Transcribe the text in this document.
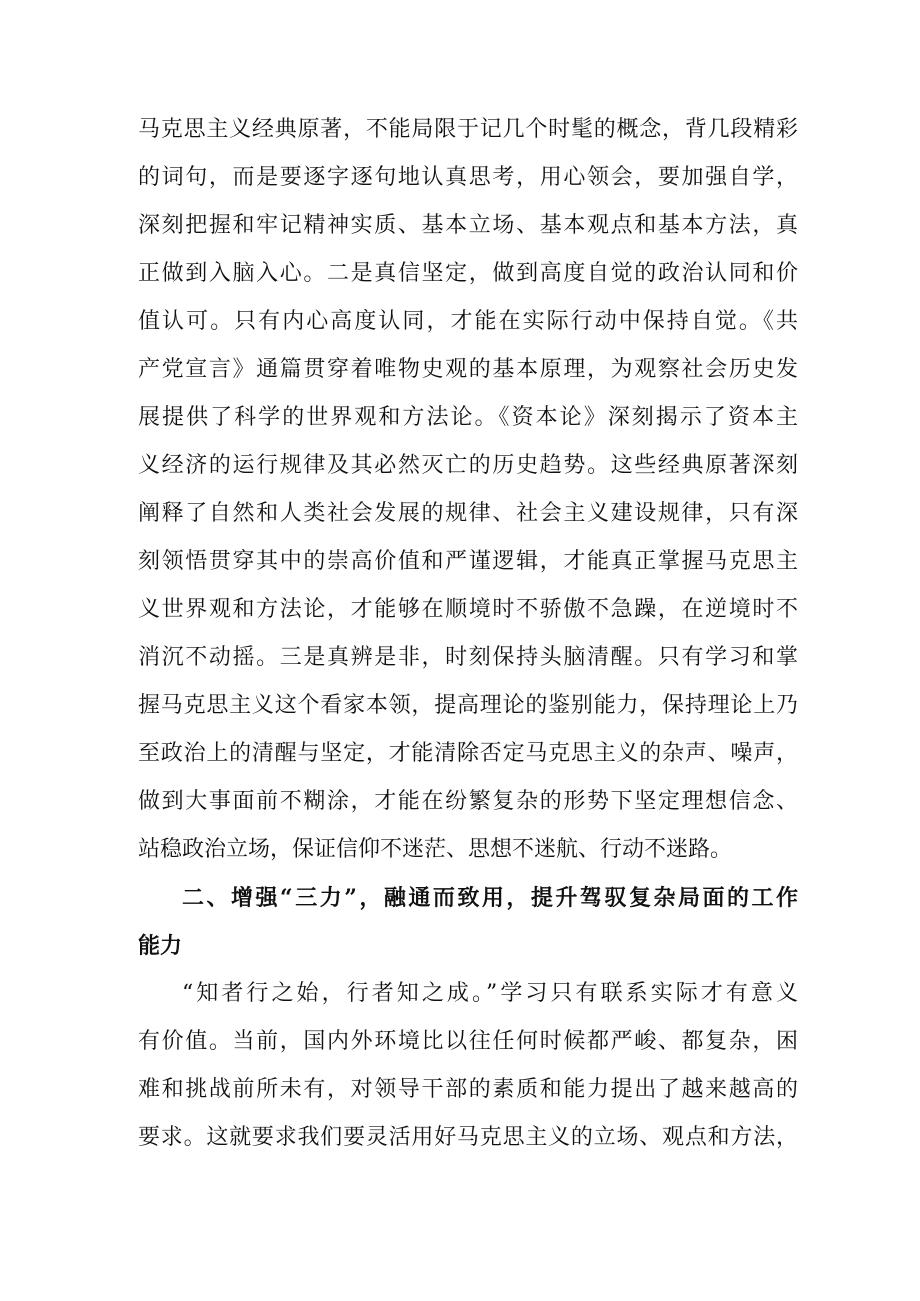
马克思主义经典原著，不能局限于记几个时髦的概念，背几段精彩
的词句，而是要逐字逐句地认真思考，用心领会，要加强自学，
深刻把握和牢记精神实质、基本立场、基本观点和基本方法，真
正做到入脑入心。二是真信坚定，做到高度自觉的政治认同和价
值认可。只有内心高度认同，才能在实际行动中保持自觉。《共
产党宣言》通篇贯穿着唯物史观的基本原理，为观察社会历史发
展提供了科学的世界观和方法论。《资本论》深刻揭示了资本主
义经济的运行规律及其必然灭亡的历史趋势。这些经典原著深刻
阐释了自然和人类社会发展的规律、社会主义建设规律，只有深
刻领悟贯穿其中的崇高价值和严谨逻辑，才能真正掌握马克思主
义世界观和方法论，才能够在顺境时不骄傲不急躁，在逆境时不
消沉不动摇。三是真辨是非，时刻保持头脑清醒。只有学习和掌
握马克思主义这个看家本领，提高理论的鉴别能力，保持理论上乃
至政治上的清醒与坚定，才能清除否定马克思主义的杂声、噪声，
做到大事面前不糊涂，才能在纷繁复杂的形势下坚定理想信念、
站稳政治立场，保证信仰不迷茫、思想不迷航、行动不迷路。
二、增强“三力”，融通而致用，提升驾驭复杂局面的工作
能力
“知者行之始，行者知之成。”学习只有联系实际才有意义
有价值。当前，国内外环境比以往任何时候都严峻、都复杂，困
难和挑战前所未有，对领导干部的素质和能力提出了越来越高的
要求。这就要求我们要灵活用好马克思主义的立场、观点和方法，
